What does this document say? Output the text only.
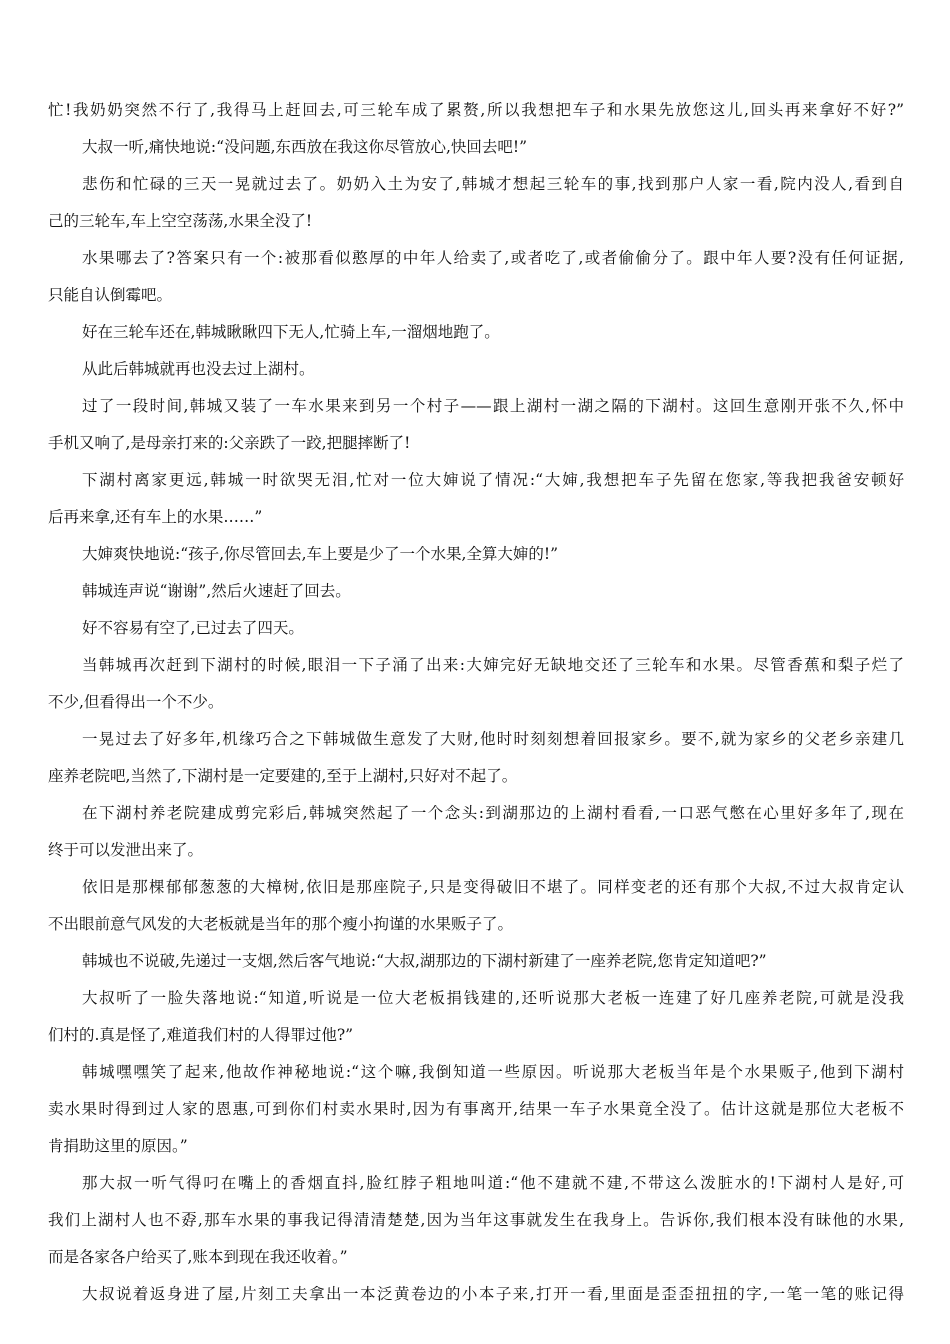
忙!我奶奶突然不行了,我得马上赶回去,可三轮车成了累赘,所以我想把车子和水果先放您这儿,回头再来拿好不好?”
大叔一听,痛快地说:“没问题,东西放在我这你尽管放心,快回去吧!”
悲伤和忙碌的三天一晃就过去了。奶奶入土为安了,韩城才想起三轮车的事,找到那户人家一看,院内没人,看到自
己的三轮车,车上空空荡荡,水果全没了!
水果哪去了?答案只有一个:被那看似憨厚的中年人给卖了,或者吃了,或者偷偷分了。跟中年人要?没有任何证据,
只能自认倒霉吧。
好在三轮车还在,韩城瞅瞅四下无人,忙骑上车,一溜烟地跑了。
从此后韩城就再也没去过上湖村。
过了一段时间,韩城又装了一车水果来到另一个村子——跟上湖村一湖之隔的下湖村。这回生意刚开张不久,怀中
手机又响了,是母亲打来的:父亲跌了一跤,把腿摔断了!
下湖村离家更远,韩城一时欲哭无泪,忙对一位大婶说了情况:“大婶,我想把车子先留在您家,等我把我爸安顿好
后再来拿,还有车上的水果……”
大婶爽快地说:“孩子,你尽管回去,车上要是少了一个水果,全算大婶的!”
韩城连声说“谢谢”,然后火速赶了回去。
好不容易有空了,已过去了四天。
当韩城再次赶到下湖村的时候,眼泪一下子涌了出来:大婶完好无缺地交还了三轮车和水果。尽管香蕉和梨子烂了
不少,但看得出一个不少。
一晃过去了好多年,机缘巧合之下韩城做生意发了大财,他时时刻刻想着回报家乡。要不,就为家乡的父老乡亲建几
座养老院吧,当然了,下湖村是一定要建的,至于上湖村,只好对不起了。
在下湖村养老院建成剪完彩后,韩城突然起了一个念头:到湖那边的上湖村看看,一口恶气憋在心里好多年了,现在
终于可以发泄出来了。
依旧是那棵郁郁葱葱的大樟树,依旧是那座院子,只是变得破旧不堪了。同样变老的还有那个大叔,不过大叔肯定认
不出眼前意气风发的大老板就是当年的那个瘦小拘谨的水果贩子了。
韩城也不说破,先递过一支烟,然后客气地说:“大叔,湖那边的下湖村新建了一座养老院,您肯定知道吧?”
大叔听了一脸失落地说:“知道,听说是一位大老板捐钱建的,还听说那大老板一连建了好几座养老院,可就是没我
们村的.真是怪了,难道我们村的人得罪过他?”
韩城嘿嘿笑了起来,他故作神秘地说:“这个嘛,我倒知道一些原因。听说那大老板当年是个水果贩子,他到下湖村
卖水果时得到过人家的恩惠,可到你们村卖水果时,因为有事离开,结果一车子水果竟全没了。估计这就是那位大老板不
肯捐助这里的原因。”
那大叔一听气得叼在嘴上的香烟直抖,脸红脖子粗地叫道:“他不建就不建,不带这么泼脏水的!下湖村人是好,可
我们上湖村人也不孬,那车水果的事我记得清清楚楚,因为当年这事就发生在我身上。告诉你,我们根本没有昧他的水果,
而是各家各户给买了,账本到现在我还收着。”
大叔说着返身进了屋,片刻工夫拿出一本泛黄卷边的小本子来,打开一看,里面是歪歪扭扭的字,一笔一笔的账记得
